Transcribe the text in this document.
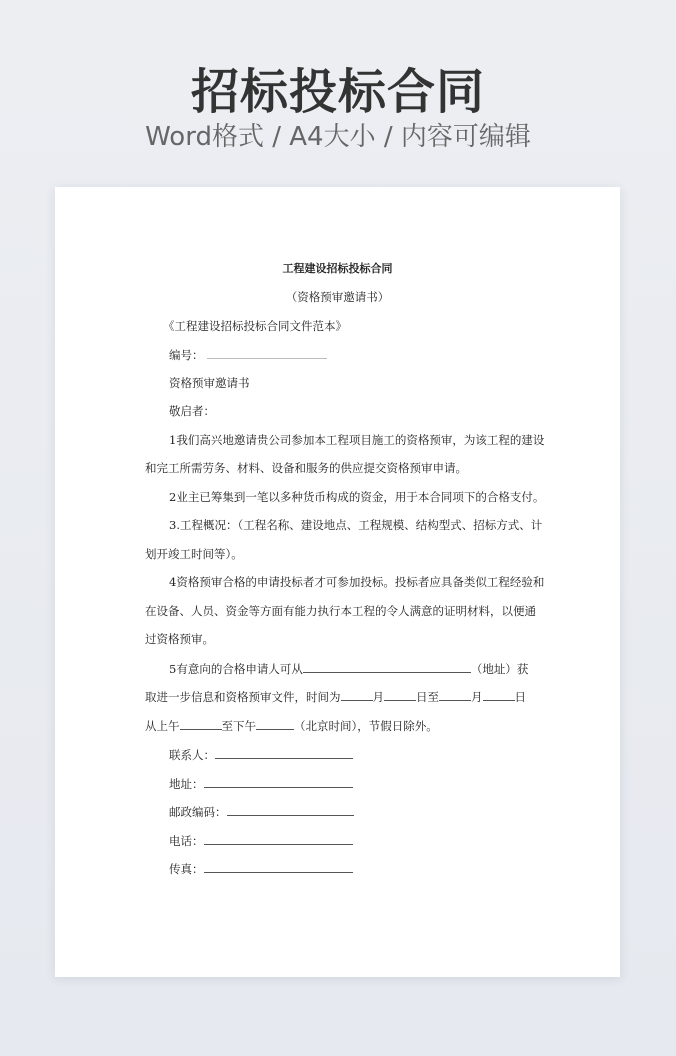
招标投标合同
Word格式 / A4大小 / 内容可编辑
工程建设招标投标合同
（资格预审邀请书）
《工程建设招标投标合同文件范本》
编号：
资格预审邀请书
敬启者：
1我们高兴地邀请贵公司参加本工程项目施工的资格预审，为该工程的建设
和完工所需劳务、材料、设备和服务的供应提交资格预审申请。
2业主已筹集到一笔以多种货币构成的资金，用于本合同项下的合格支付。
3.工程概况：（工程名称、建设地点、工程规模、结构型式、招标方式、计
划开竣工时间等）。
4资格预审合格的申请投标者才可参加投标。投标者应具备类似工程经验和
在设备、人员、资金等方面有能力执行本工程的令人满意的证明材料，以便通
过资格预审。
5有意向的合格申请人可从	（地址）获
取进一步信息和资格预审文件，时间为	月	日至	月	日
从上午	至下午	（北京时间），节假日除外。
联系人：
地址：
邮政编码：
电话：
传真：
